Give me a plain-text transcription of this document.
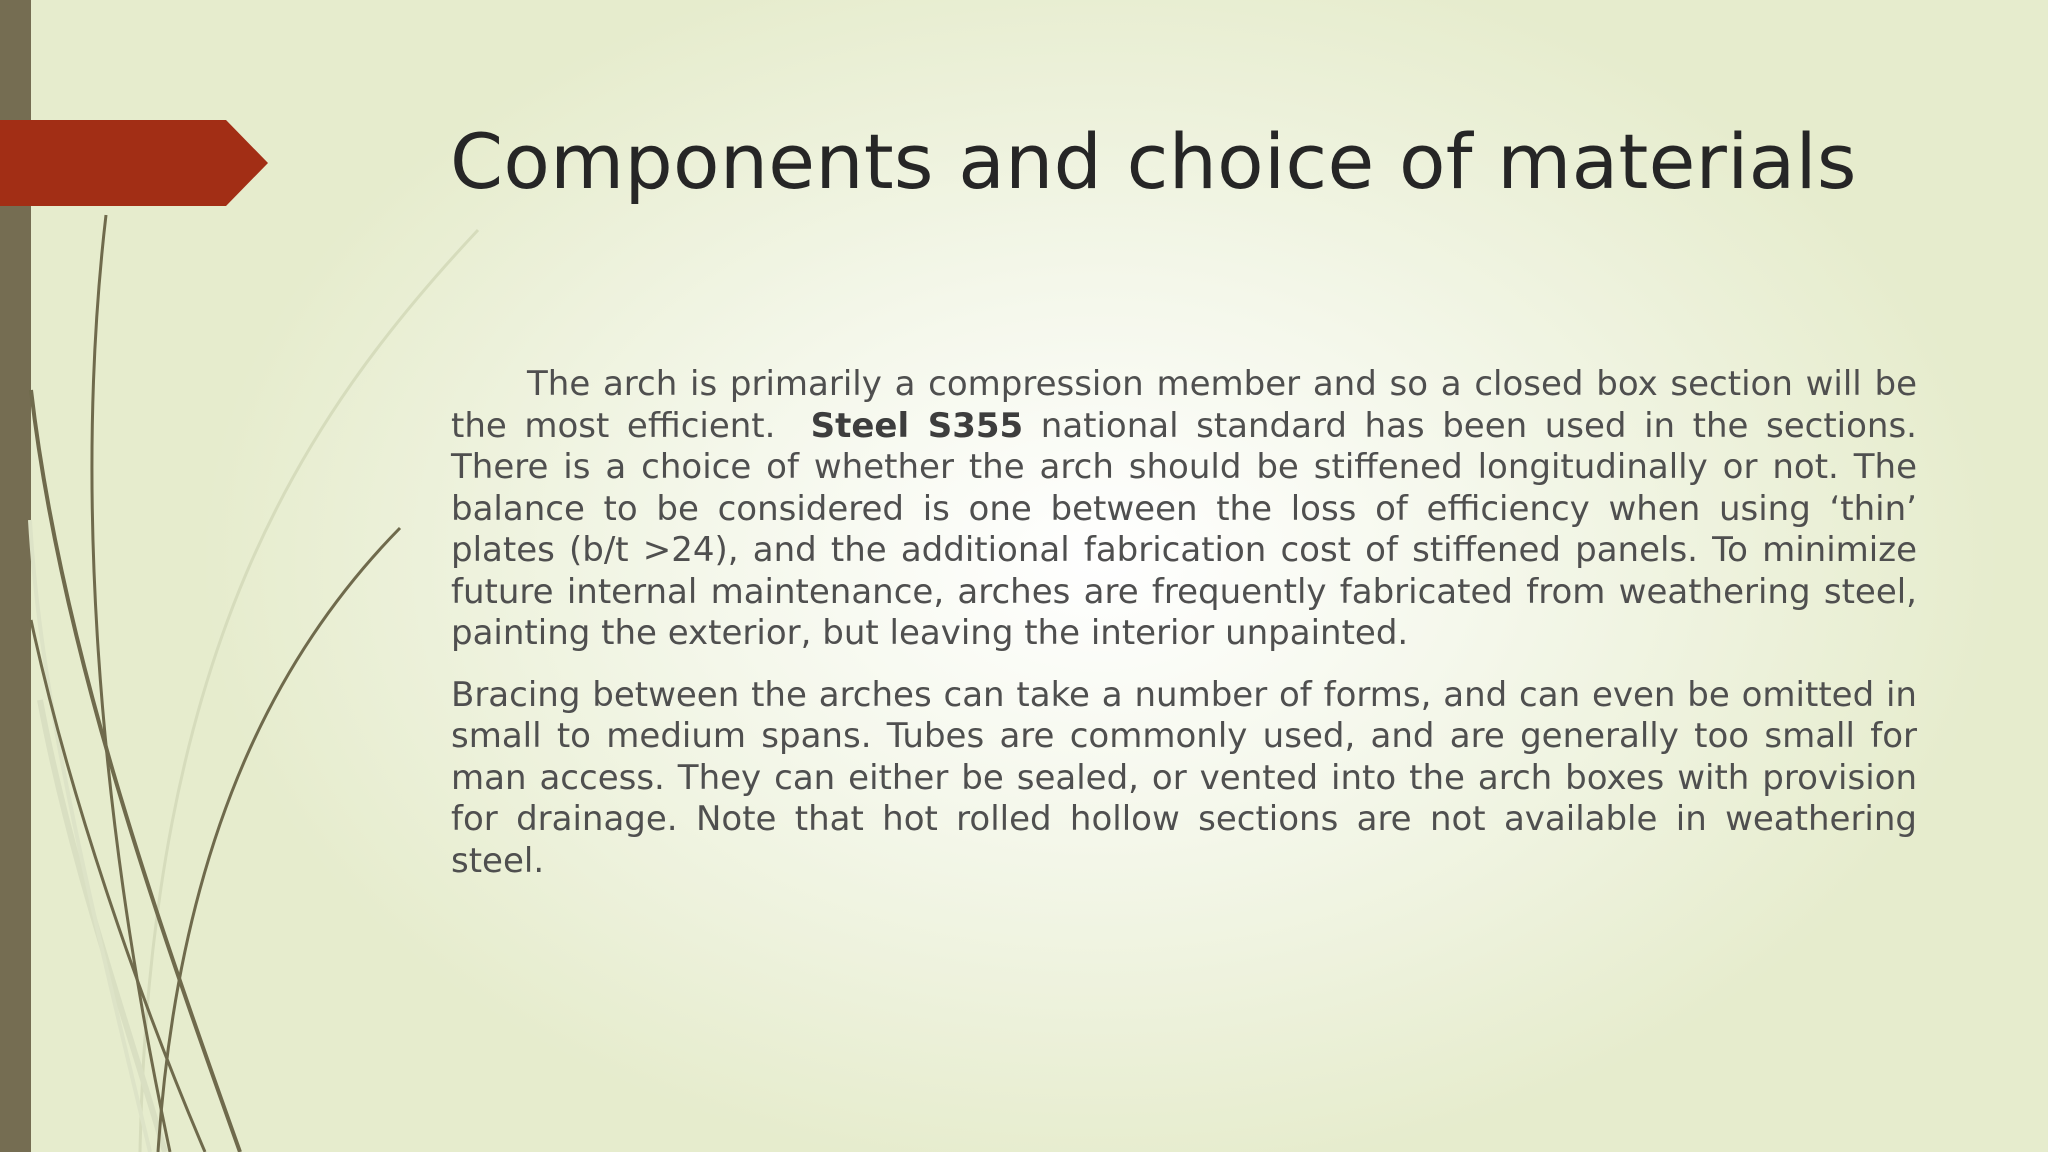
Components and choice of materials

The arch is primarily a compression member and so a closed box section will be the most efficient. Steel S355 national standard has been used in the sections. There is a choice of whether the arch should be stiffened longitudinally or not. The balance to be considered is one between the loss of efficiency when using ‘thin’ plates (b/t >24), and the additional fabrication cost of stiffened panels. To minimize future internal maintenance, arches are frequently fabricated from weathering steel, painting the exterior, but leaving the interior unpainted.

Bracing between the arches can take a number of forms, and can even be omitted in small to medium spans. Tubes are commonly used, and are generally too small for man access. They can either be sealed, or vented into the arch boxes with provision for drainage. Note that hot rolled hollow sections are not available in weathering steel.
